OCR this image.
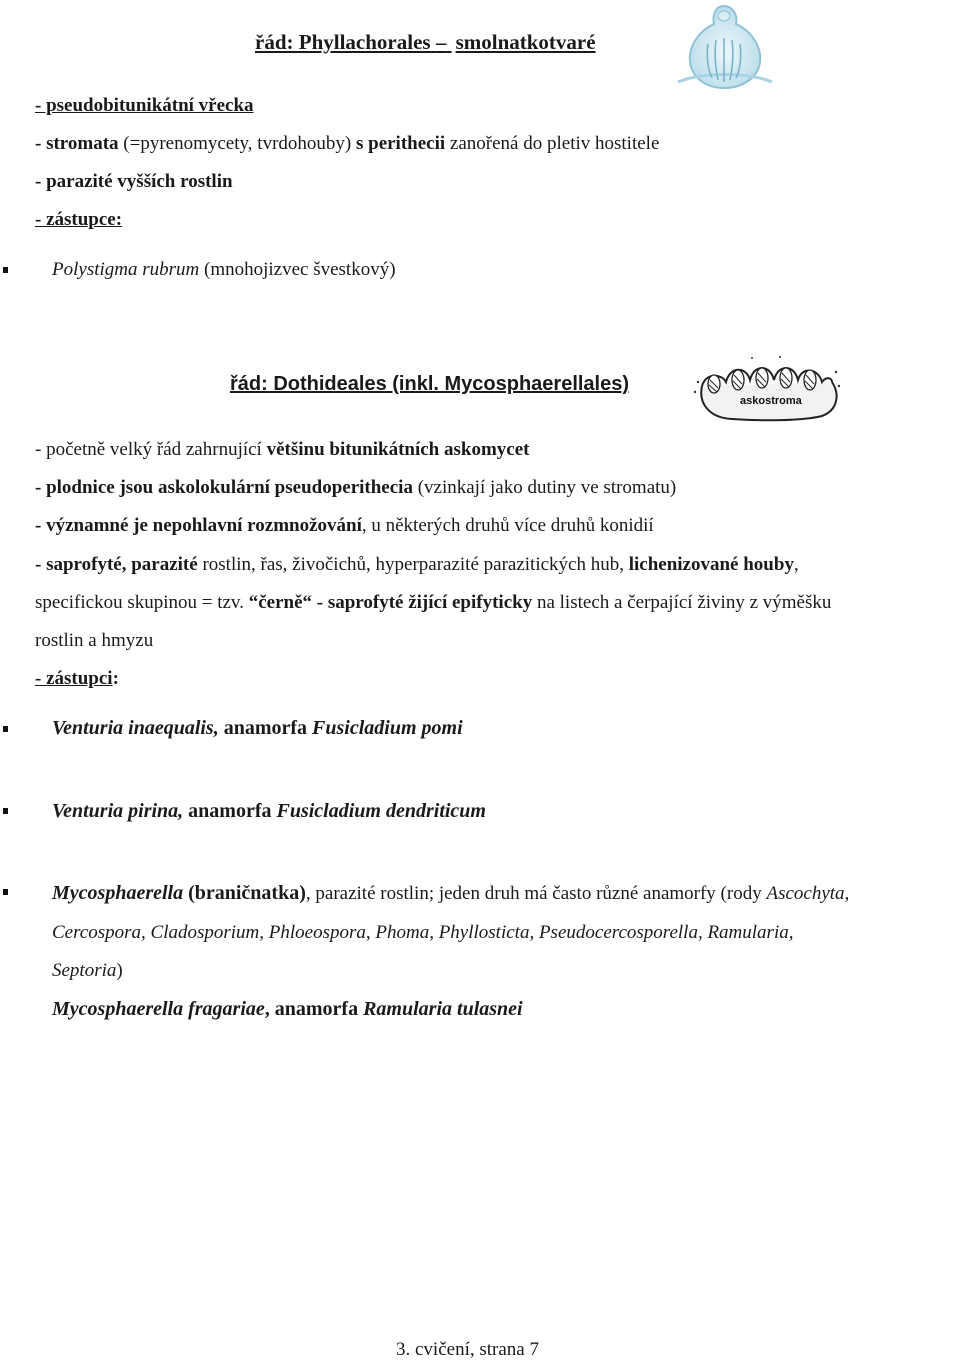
řád: Phyllachorales – smolnatkotvaré
- pseudobitunikátní vřecka
- stromata (=pyrenomycety, tvrdohouby) s perithecii zanořená do pletiv hostitele
- parazité vyšších rostlin
- zástupce:
Polystigma rubrum (mnohojizvec švestkový)
řád: Dothideales (inkl. Mycosphaerellales)
askostroma
- početně velký řád zahrnující většinu bitunikátních askomycet
- plodnice jsou askolokulární pseudoperithecia (vzinkají jako dutiny ve stromatu)
- významné je nepohlavní rozmnožování, u některých druhů více druhů konidií
- saprofyté, parazité rostlin, řas, živočichů, hyperparazité parazitických hub, lichenizované houby,
specifickou skupinou = tzv. “černě“ - saprofyté žijící epifyticky na listech a čerpající živiny z výměšku
rostlin a hmyzu
- zástupci:
Venturia inaequalis, anamorfa Fusicladium pomi
Venturia pirina, anamorfa Fusicladium dendriticum
Mycosphaerella (braničnatka), parazité rostlin; jeden druh má často různé anamorfy (rody Ascochyta,
Cercospora, Cladosporium, Phloeospora, Phoma, Phyllosticta, Pseudocercosporella, Ramularia,
Septoria)
Mycosphaerella fragariae, anamorfa Ramularia tulasnei
3. cvičení, strana 7
